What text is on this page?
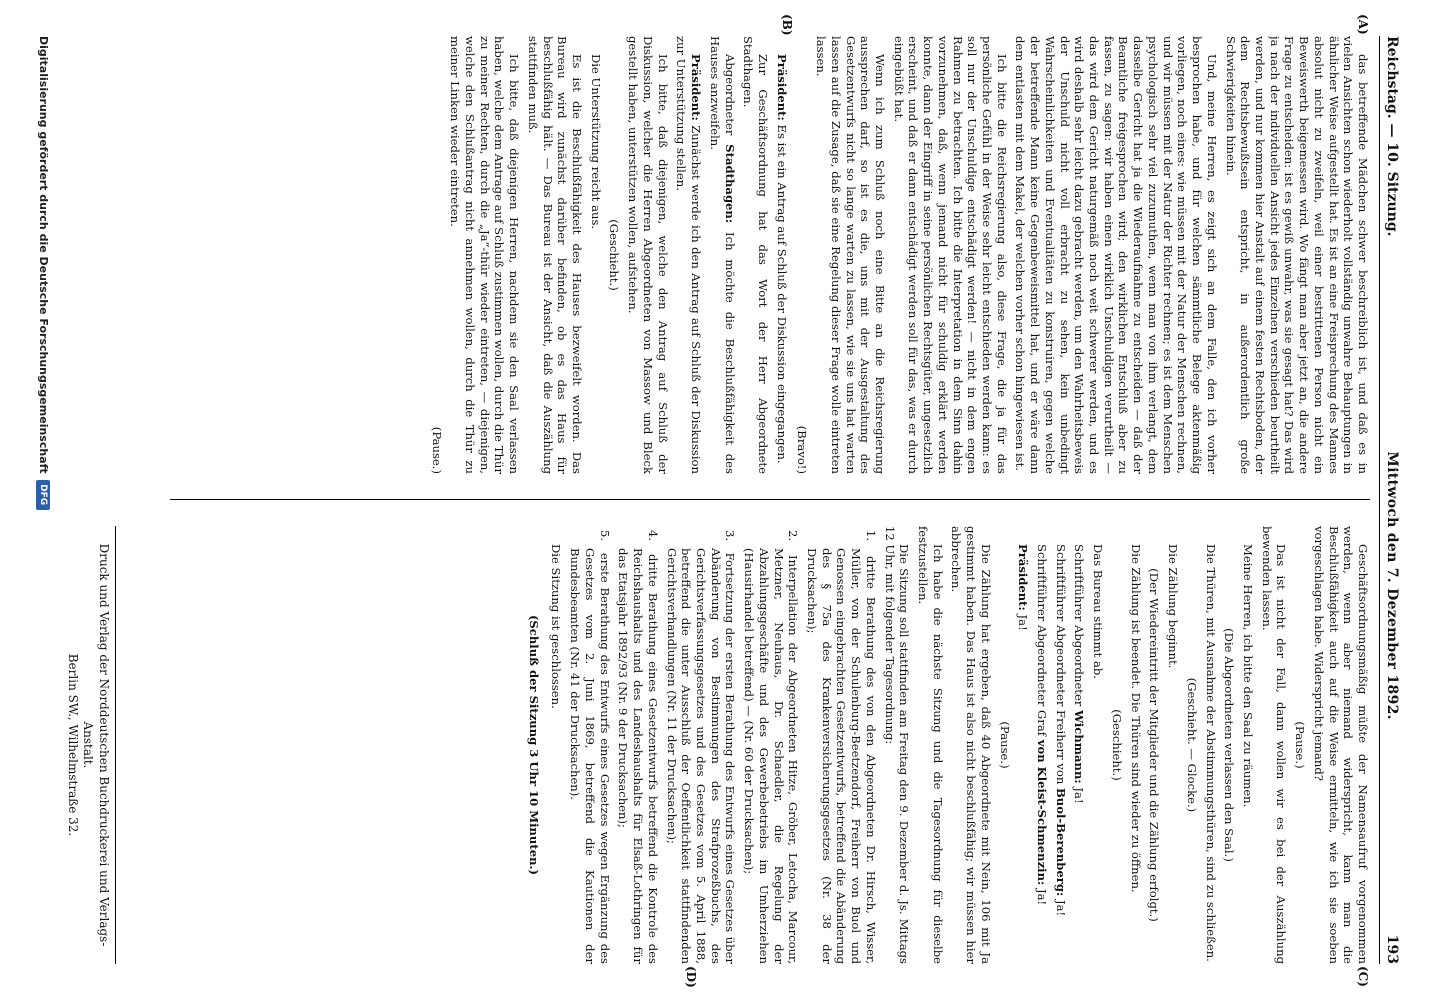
Reichstag. — 10. Sitzung.
Mittwoch den 7. Dezember 1892.
193
(A)
(B)
(C)
(D)

das betreffende Mädchen schwer beschreiblich ist, und daß es in vielen Ansichten schon wiederholt vollständig unwahre Behauptungen in ähnlicher Weise aufgestellt hat. Es ist an eine Freisprechung des Mannes absolut nicht zu zweifeln, weil einer bestrittenen Person nicht ein Beweiswerth beigemessen wird. Wo fängt man aber jetzt an, die andere Frage zu entscheiden: ist es gewiß unwahr, was sie gesagt hat? Das wird ja nach der individuellen Ansicht jedes Einzelnen verschieden beurtheilt werden, und nur kommen hier Anstalt auf einem festen Rechtsboden, der dem Rechtsbewußtsein entspricht, in außerordentlich große Schwierigkeiten hinein.

Und, meine Herren, es zeigt sich an dem Falle, den ich vorher besprochen habe, und für welchen sämmtliche Belege aktenmäßig vorliegen, noch eines: wie müssen mit der Natur der Menschen rechnen, und wir müssen mit der Natur der Richter rechnen; es ist dem Menschen psychologisch sehr viel zuzumuthen, wenn man von ihm verlangt, dem dasselbe Gericht hat ja die Wiederaufnahme zu entscheiden — daß der Beamtliche freigesprochen wird; den wirklichen Entschluß aber zu fassen, zu sagen: wir haben einen wirklich Unschuldigen verurtheilt — das wird dem Gericht naturgemäß noch weit schwerer werden, und es wird deshalb sehr leicht dazu gebracht werden, um den Wahrheitsbeweis der Unschuld nicht voll erbracht zu sehen, kein unbedingt Wahrscheinlichkeiten und Eventualitäten zu konstruiren, gegen welche der betreffende Mann keine Gegenbeweismittel hat, und er wäre dann dem entlasten mit dem Makel, der welchen vorher schon hingewiesen ist.

Ich bitte die Reichsregierung also, diese Frage, die ja für das persönliche Gefühl in der Weise sehr leicht entschieden werden kann: es soll nur der Unschuldige entschädigt werden! — nicht in dem engen Rahmen zu betrachten. Ich bitte die Interpretation in dem Sinn dahin vorzunehmen, daß, wenn jemand nicht für schuldig erklärt werden konnte, dann der Eingriff in seine persönlichen Rechtsgüter, ungesetzlich erscheint, und daß er dann entschädigt werden soll für das, was er durch eingebüßt hat.

Wenn ich zum Schluß noch eine Bitte an die Reichsregierung aussprechen darf, so ist es die, uns mit der Ausgestaltung des Gesetzentwurfs nicht so lange warten zu lassen, wie sie uns hat warten lassen auf die Zusage, daß sie eine Regelung dieser Frage wolle eintreten lassen.

(Bravo!)

Präsident: Es ist ein Antrag auf Schluß der Diskussion eingegangen.

Zur Geschäftsordnung hat das Wort der Herr Abgeordnete Stadthagen.

Abgeordneter Stadthagen: Ich möchte die Beschlußfähigkeit des Hauses anzweifeln.

Präsident: Zunächst werde ich den Antrag auf Schluß der Diskussion zur Unterstützung stellen.

Ich bitte, daß diejenigen, welche den Antrag auf Schluß der Diskussion, welcher die Herren Abgeordneten von Massow und Bleck gestellt haben, unterstützen wollen, aufstehen.

(Geschieht.)

Die Unterstützung reicht aus.

Es ist die Beschlußfähigkeit des Hauses bezweifelt worden. Das Bureau wird zunächst darüber befinden, ob es das Haus für beschlußfähig hält. — Das Bureau ist der Ansicht, daß die Auszählung stattfinden muß.

Ich bitte, daß diejenigen Herren, nachdem sie den Saal verlassen haben, welche dem Antrage auf Schluß zustimmen wollen, durch die Thür zu meiner Rechten, durch die „Ja“-thür wieder eintreten, — diejenigen, welche den Schlußantrag nicht annehmen wollen, durch die Thür zu meiner Linken wieder eintreten.

(Pause.)

Geschäftsordnungsmäßig müßte der Namensaufruf vorgenommen werden, wenn aber niemand widerspricht, kann man die Beschlußfähigkeit auch auf die Weise ermitteln, wie ich sie soeben vorgeschlagen habe. Widerspricht jemand?

(Pause.)

Das ist nicht der Fall, dann wollen wir es bei der Auszählung bewenden lassen.

Meine Herren, ich bitte den Saal zu räumen.

(Die Abgeordneten verlassen den Saal.)

Die Thüren, mit Ausnahme der Abstimmungsthüren, sind zu schließen.

(Geschieht. — Glocke.)

Die Zählung beginnt.

(Der Wiedereintritt der Mitglieder und die Zählung erfolgt.)

Die Zählung ist beendet. Die Thüren sind wieder zu öffnen.

(Geschieht.)

Das Bureau stimmt ab.

Schriftführer Abgeordneter Wichmann: Ja!

Schriftführer Abgeordneter Freiherr von Buol-Berenberg: Ja!

Schriftführer Abgeordneter Graf von Kleist-Schmenzin: Ja!

Präsident: Ja!

(Pause.)

Die Zählung hat ergeben, daß 40 Abgeordnete mit Nein, 106 mit Ja gestimmt haben. Das Haus ist also nicht beschlußfähig; wir müssen hier abbrechen.

Ich habe die nächste Sitzung und die Tagesordnung für dieselbe festzustellen.

Die Sitzung soll stattfinden am Freitag den 9. Dezember d. Js. Mittags 12 Uhr, mit folgender Tagesordnung:

1. dritte Berathung des von den Abgeordneten Dr. Hirsch, Wisser, Müller, von der Schulenburg-Beetzendorf, Freiherr von Buol und Genossen eingebrachten Gesetzentwurfs, betreffend die Abänderung des § 75a des Krankenversicherungsgesetzes (Nr. 38 der Drucksachen);

2. Interpellation der Abgeordneten Hitze, Gröber, Letocha, Marcour, Metzner, Neuhaus, Dr. Schaedler, die Regelung der Abzahlungsgeschäfte und des Gewerbebetriebs im Umherziehen (Hausirhandel betreffend) — (Nr. 60 der Drucksachen);

3. Fortsetzung der ersten Berathung des Entwurfs eines Gesetzes über Abänderung von Bestimmungen des Strafprozeßbuchs, des Gerichtsverfassungsgesetzes und des Gesetzes vom 5. April 1888, betreffend die unter Ausschluß der Oeffentlichkeit stattfindenden Gerichtsverhandlungen (Nr. 11 der Drucksachen);

4. dritte Berathung eines Gesetzentwurfs betreffend die Kontrole des Reichshaushalts und des Landeshaushalts für Elsaß-Lothringen für das Etatsjahr 1892/93 (Nr. 9 der Drucksachen);

5. erste Berathung des Entwurfs eines Gesetzes wegen Ergänzung des Gesetzes vom 2. Juni 1869, betreffend die Kautionen der Bundesbeamten (Nr. 41 der Drucksachen).

Die Sitzung ist geschlossen.

(Schluß der Sitzung 3 Uhr 10 Minuten.)

Druck und Verlag der Norddeutschen Buchdruckerei und Verlags-Anstalt.
Berlin SW., Wilhelmstraße 32.
Digitalisierung gefördert durch die Deutsche Forschungsgemeinschaft
DFG
